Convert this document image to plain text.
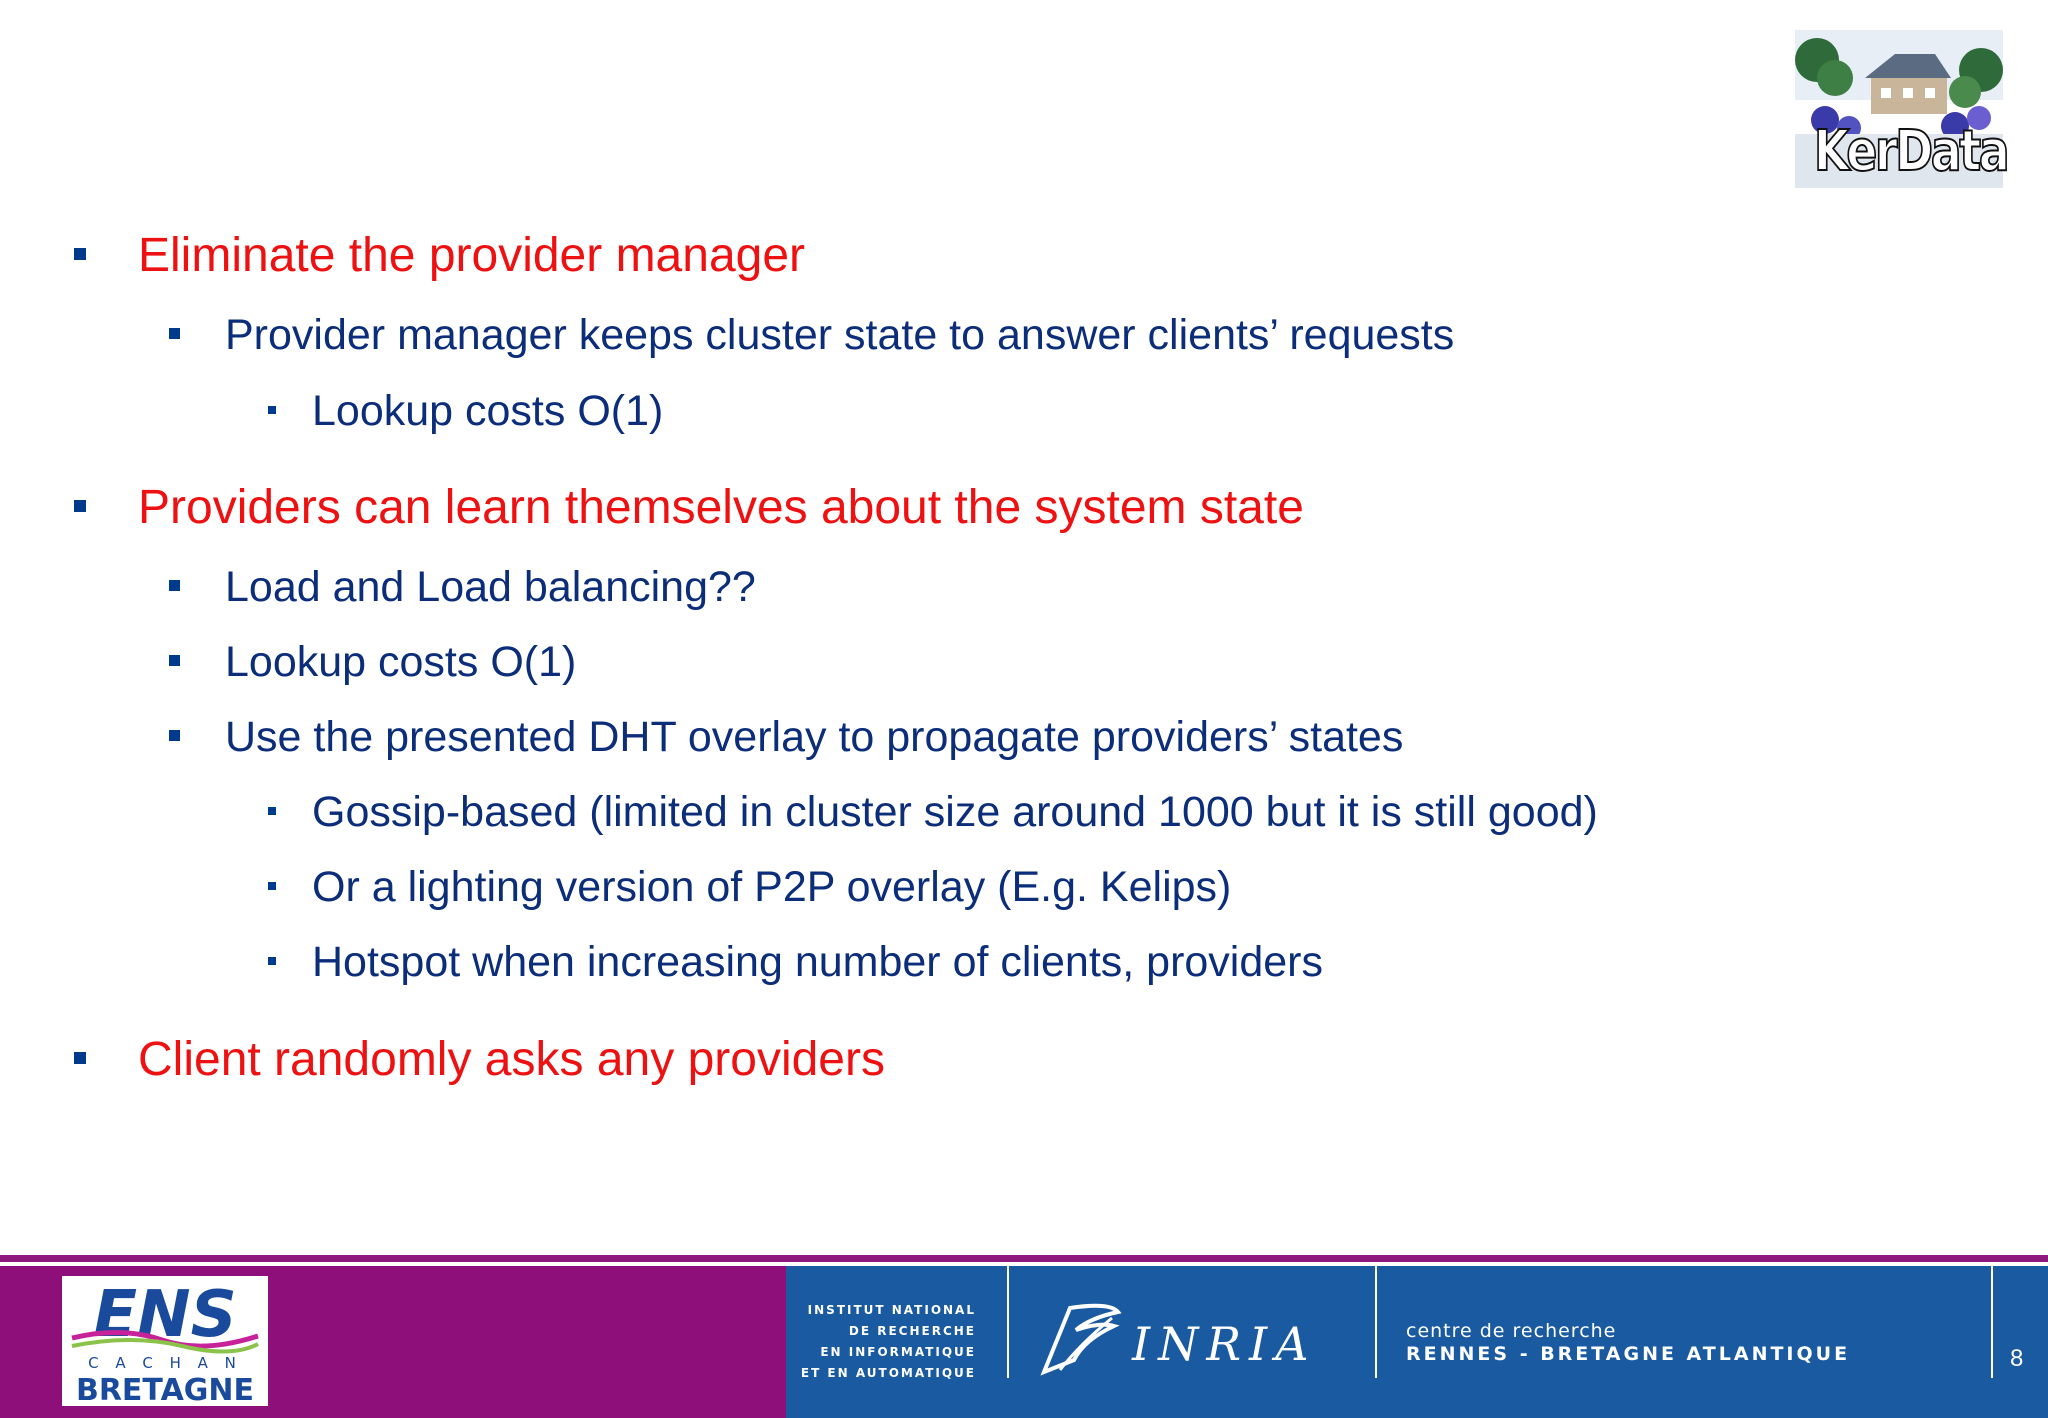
KerData
Eliminate the provider manager
Provider manager keeps cluster state to answer clients’ requests
Lookup costs O(1)
Providers can learn themselves about the system state
Load and Load balancing??
Lookup costs O(1)
Use the presented DHT overlay to propagate providers’ states
Gossip-based (limited in cluster size around 1000 but it is still good)
Or a lighting version of P2P overlay (E.g. Kelips)
Hotspot when increasing number of clients, providers
Client randomly asks any providers
ENS
C A C H A N
BRETAGNE
INSTITUT NATIONAL
DE RECHERCHE
EN INFORMATIQUE
ET EN AUTOMATIQUE
INRIA	centre de recherche
RENNES - BRETAGNE ATLANTIQUE	8
